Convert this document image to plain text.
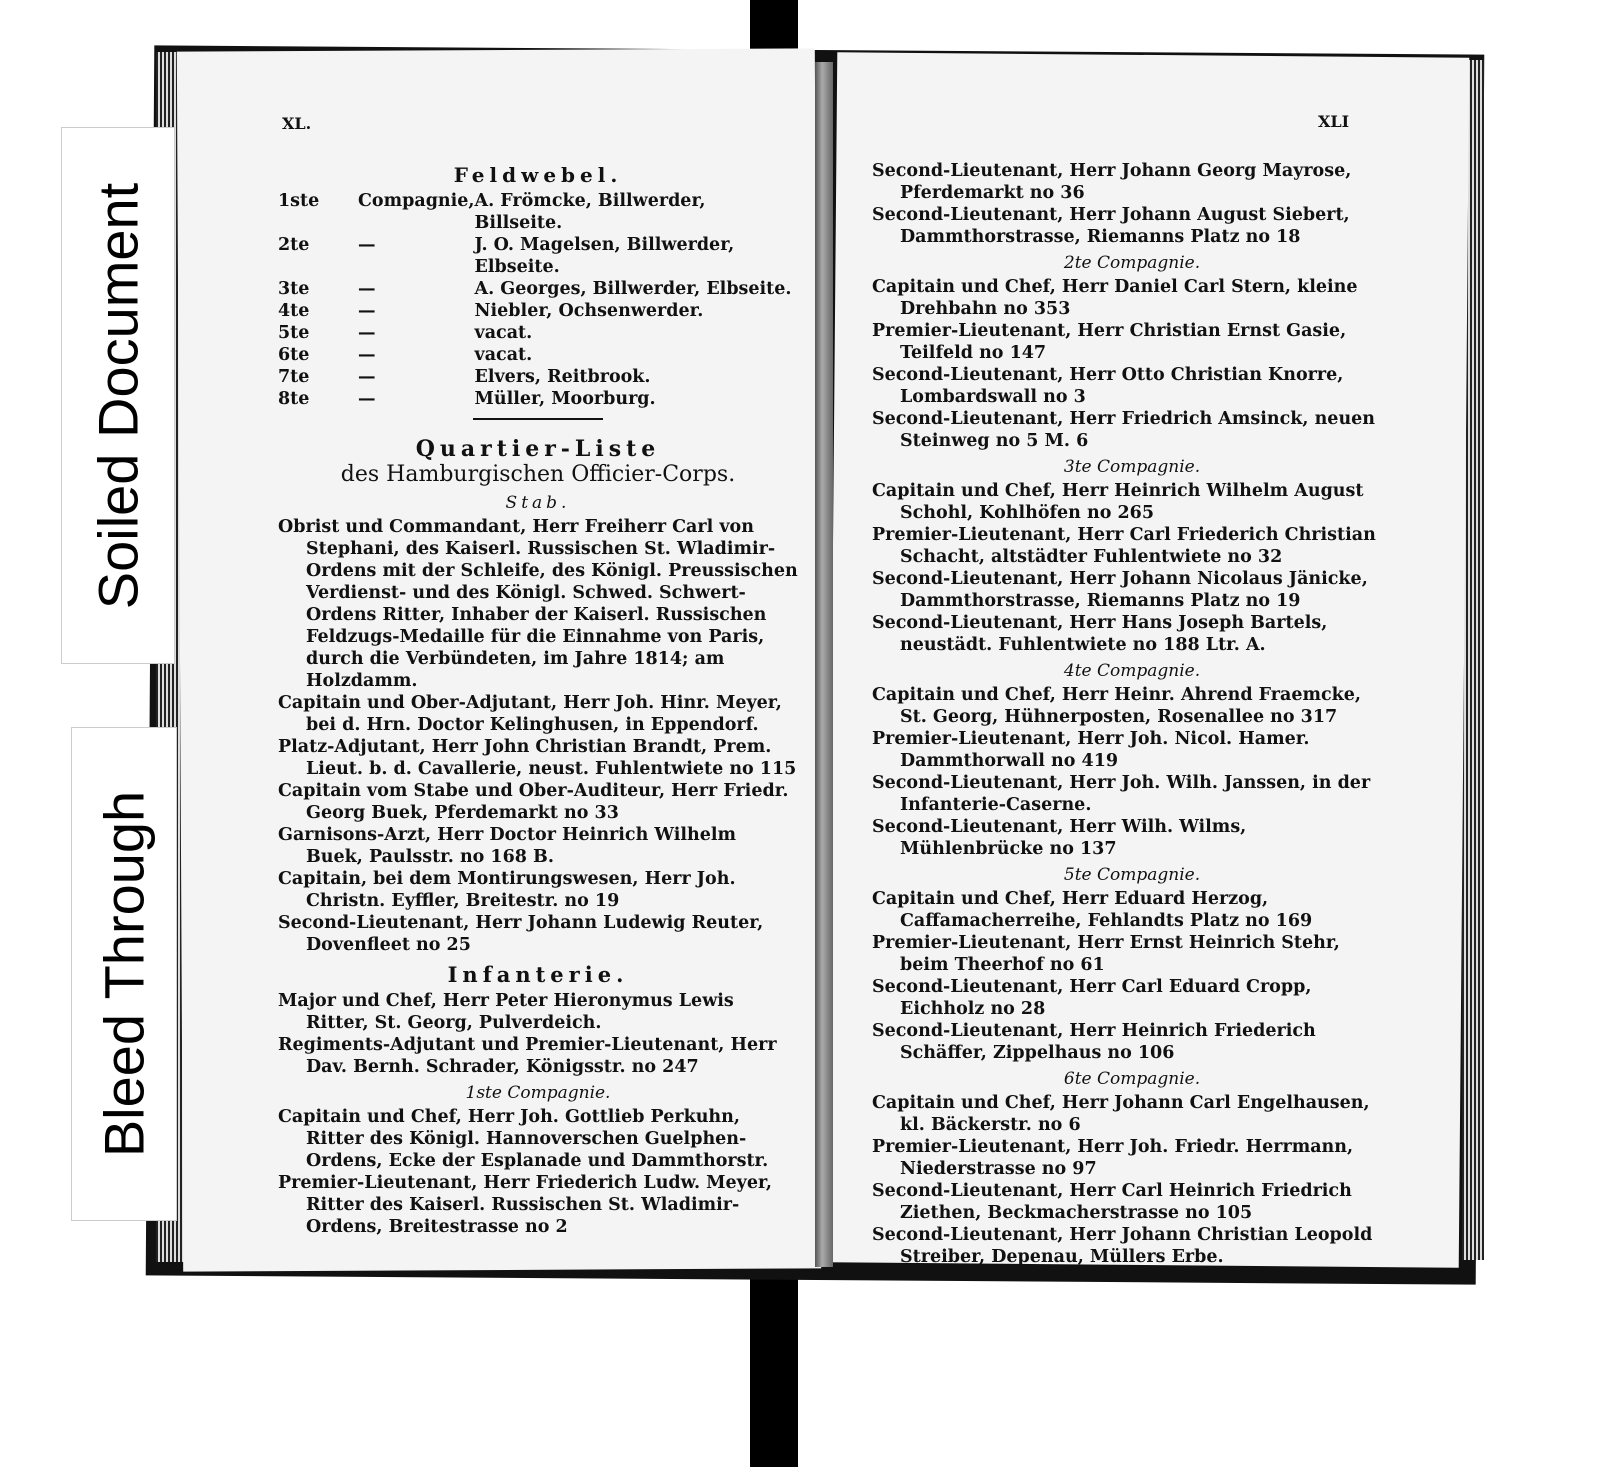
Soiled Document
Bleed Through
XL.	XLI
Feldwebel.
1ste	Compagnie,	A. Frömcke, Billwerder, Billseite.
2te	—	J. O. Magelsen, Billwerder, Elbseite.
3te	—	A. Georges, Billwerder, Elbseite.
4te	—	Niebler, Ochsenwerder.
5te	—	vacat.
6te	—	vacat.
7te	—	Elvers, Reitbrook.
8te	—	Müller, Moorburg.
Quartier-Liste
des Hamburgischen Officier-Corps.
Stab.

Obrist und Commandant, Herr Freiherr Carl von Stephani, des Kaiserl. Russischen St. Wladimir-Ordens mit der Schleife, des Königl. Preussischen Verdienst- und des Königl. Schwed. Schwert-Ordens Ritter, Inhaber der Kaiserl. Russischen Feldzugs-Medaille für die Einnahme von Paris, durch die Verbündeten, im Jahre 1814; am Holzdamm.

Capitain und Ober-Adjutant, Herr Joh. Hinr. Meyer, bei d. Hrn. Doctor Kelinghusen, in Eppendorf.

Platz-Adjutant, Herr John Christian Brandt, Prem. Lieut. b. d. Cavallerie, neust. Fuhlentwiete no 115

Capitain vom Stabe und Ober-Auditeur, Herr Friedr. Georg Buek, Pferdemarkt no 33

Garnisons-Arzt, Herr Doctor Heinrich Wilhelm Buek, Paulsstr. no 168 B.

Capitain, bei dem Montirungswesen, Herr Joh. Christn. Eyffler, Breitestr. no 19

Second-Lieutenant, Herr Johann Ludewig Reuter, Dovenfleet no 25

Infanterie.

Major und Chef, Herr Peter Hieronymus Lewis Ritter, St. Georg, Pulverdeich.

Regiments-Adjutant und Premier-Lieutenant, Herr Dav. Bernh. Schrader, Königsstr. no 247

1ste Compagnie.

Capitain und Chef, Herr Joh. Gottlieb Perkuhn, Ritter des Königl. Hannoverschen Guelphen-Ordens, Ecke der Esplanade und Dammthorstr.

Premier-Lieutenant, Herr Friederich Ludw. Meyer, Ritter des Kaiserl. Russischen St. Wladimir-Ordens, Breitestrasse no 2

Second-Lieutenant, Herr Johann Georg Mayrose, Pferdemarkt no 36

Second-Lieutenant, Herr Johann August Siebert, Dammthorstrasse, Riemanns Platz no 18

2te Compagnie.

Capitain und Chef, Herr Daniel Carl Stern, kleine Drehbahn no 353

Premier-Lieutenant, Herr Christian Ernst Gasie, Teilfeld no 147

Second-Lieutenant, Herr Otto Christian Knorre, Lombardswall no 3

Second-Lieutenant, Herr Friedrich Amsinck, neuen Steinweg no 5 M. 6

3te Compagnie.

Capitain und Chef, Herr Heinrich Wilhelm August Schohl, Kohlhöfen no 265

Premier-Lieutenant, Herr Carl Friederich Christian Schacht, altstädter Fuhlentwiete no 32

Second-Lieutenant, Herr Johann Nicolaus Jänicke, Dammthorstrasse, Riemanns Platz no 19

Second-Lieutenant, Herr Hans Joseph Bartels, neustädt. Fuhlentwiete no 188 Ltr. A.

4te Compagnie.

Capitain und Chef, Herr Heinr. Ahrend Fraemcke, St. Georg, Hühnerposten, Rosenallee no 317

Premier-Lieutenant, Herr Joh. Nicol. Hamer. Dammthorwall no 419

Second-Lieutenant, Herr Joh. Wilh. Janssen, in der Infanterie-Caserne.

Second-Lieutenant, Herr Wilh. Wilms, Mühlenbrücke no 137

5te Compagnie.

Capitain und Chef, Herr Eduard Herzog, Caffamacherreihe, Fehlandts Platz no 169

Premier-Lieutenant, Herr Ernst Heinrich Stehr, beim Theerhof no 61

Second-Lieutenant, Herr Carl Eduard Cropp, Eichholz no 28

Second-Lieutenant, Herr Heinrich Friederich Schäffer, Zippelhaus no 106

6te Compagnie.

Capitain und Chef, Herr Johann Carl Engelhausen, kl. Bäckerstr. no 6

Premier-Lieutenant, Herr Joh. Friedr. Herrmann, Niederstrasse no 97

Second-Lieutenant, Herr Carl Heinrich Friedrich Ziethen, Beckmacherstrasse no 105

Second-Lieutenant, Herr Johann Christian Leopold Streiber, Depenau, Müllers Erbe.
